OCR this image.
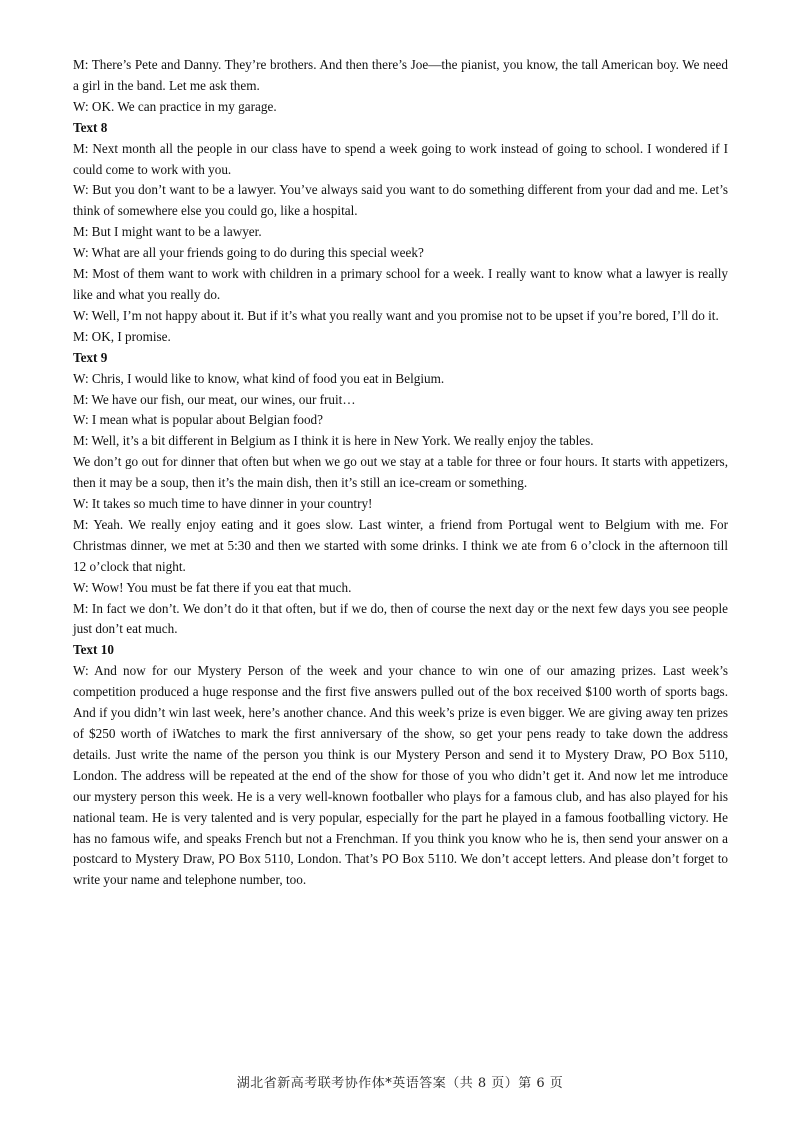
M: There’s Pete and Danny. They’re brothers. And then there’s Joe—the pianist, you know, the tall American boy. We need a girl in the band. Let me ask them.

W: OK. We can practice in my garage.

Text 8

M: Next month all the people in our class have to spend a week going to work instead of going to school. I wondered if I could come to work with you.

W: But you don’t want to be a lawyer. You’ve always said you want to do something different from your dad and me. Let’s think of somewhere else you could go, like a hospital.

M: But I might want to be a lawyer.

W: What are all your friends going to do during this special week?

M: Most of them want to work with children in a primary school for a week. I really want to know what a lawyer is really like and what you really do.

W: Well, I’m not happy about it. But if it’s what you really want and you promise not to be upset if you’re bored, I’ll do it.

M: OK, I promise.

Text 9

W: Chris, I would like to know, what kind of food you eat in Belgium.

M: We have our fish, our meat, our wines, our fruit…

W: I mean what is popular about Belgian food?

M: Well, it’s a bit different in Belgium as I think it is here in New York. We really enjoy the tables.

We don’t go out for dinner that often but when we go out we stay at a table for three or four hours. It starts with appetizers, then it may be a soup, then it’s the main dish, then it’s still an ice-cream or something.

W: It takes so much time to have dinner in your country!

M: Yeah. We really enjoy eating and it goes slow. Last winter, a friend from Portugal went to Belgium with me. For Christmas dinner, we met at 5:30 and then we started with some drinks. I think we ate from 6 o’clock in the afternoon till 12 o’clock that night.

W: Wow! You must be fat there if you eat that much.

M: In fact we don’t. We don’t do it that often, but if we do, then of course the next day or the next few days you see people just don’t eat much.

Text 10

W: And now for our Mystery Person of the week and your chance to win one of our amazing prizes. Last week’s competition produced a huge response and the first five answers pulled out of the box received $100 worth of sports bags. And if you didn’t win last week, here’s another chance. And this week’s prize is even bigger. We are giving away ten prizes of $250 worth of iWatches to mark the first anniversary of the show, so get your pens ready to take down the address details. Just write the name of the person you think is our Mystery Person and send it to Mystery Draw, PO Box 5110, London. The address will be repeated at the end of the show for those of you who didn’t get it. And now let me introduce our mystery person this week. He is a very well-known footballer who plays for a famous club, and has also played for his national team. He is very talented and is very popular, especially for the part he played in a famous footballing victory. He has no famous wife, and speaks French but not a Frenchman. If you think you know who he is, then send your answer on a postcard to Mystery Draw, PO Box 5110, London. That’s PO Box 5110. We don’t accept letters. And please don’t forget to write your name and telephone number, too.

湖北省新高考联考协作体*英语答案（共 8 页）第 6 页
